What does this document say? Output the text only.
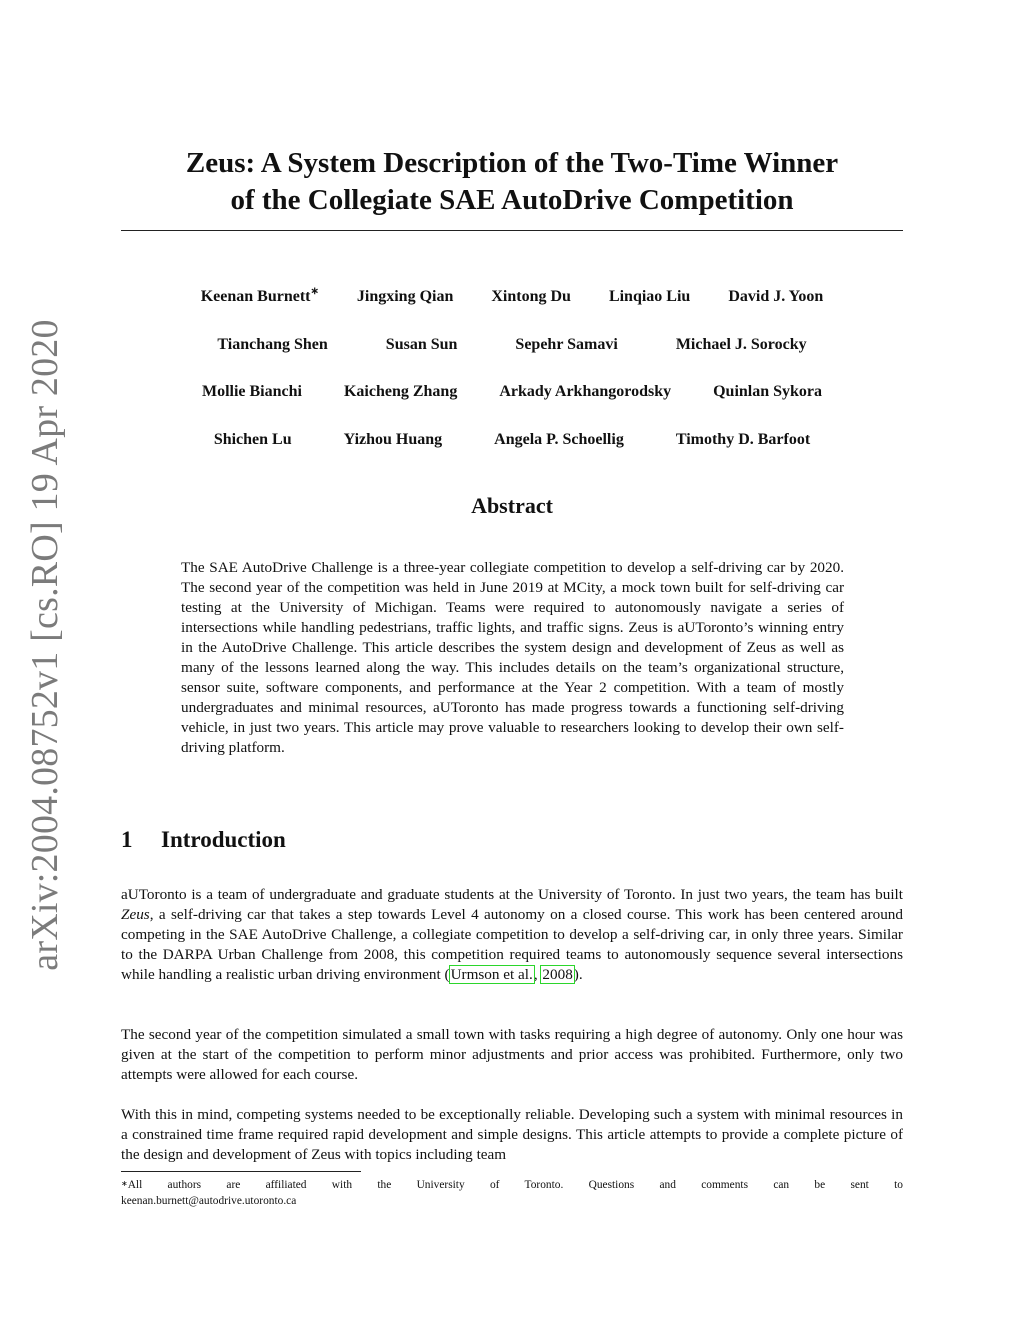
arXiv:2004.08752v1 [cs.RO] 19 Apr 2020
Zeus: A System Description of the Two-Time Winner
of the Collegiate SAE AutoDrive Competition
Keenan Burnett∗ Jingxing Qian Xintong Du Linqiao Liu David J. Yoon
Tianchang Shen	Susan Sun	Sepehr Samavi	Michael J. Sorocky
Mollie Bianchi	Kaicheng Zhang	Arkady Arkhangorodsky	Quinlan Sykora
Shichen Lu	Yizhou Huang	Angela P. Schoellig	Timothy D. Barfoot
Abstract
The SAE AutoDrive Challenge is a three-year collegiate competition to develop a self-driving car by 2020. The second year of the competition was held in June 2019 at MCity, a mock town built for self-driving car testing at the University of Michigan. Teams were required to autonomously navigate a series of intersections while handling pedestrians, traffic lights, and traffic signs. Zeus is aUToronto’s winning entry in the AutoDrive Challenge. This article describes the system design and development of Zeus as well as many of the lessons learned along the way. This includes details on the team’s organizational structure, sensor suite, software components, and performance at the Year 2 competition. With a team of mostly undergraduates and minimal resources, aUToronto has made progress towards a functioning self-driving vehicle, in just two years. This article may prove valuable to researchers looking to develop their own self-driving platform.
1 Introduction
aUToronto is a team of undergraduate and graduate students at the University of Toronto. In just two years, the team has built Zeus, a self-driving car that takes a step towards Level 4 autonomy on a closed course. This work has been centered around competing in the SAE AutoDrive Challenge, a collegiate competition to develop a self-driving car, in only three years. Similar to the DARPA Urban Challenge from 2008, this competition required teams to autonomously sequence several intersections while handling a realistic urban driving environment (Urmson et al., 2008).
The second year of the competition simulated a small town with tasks requiring a high degree of autonomy. Only one hour was given at the start of the competition to perform minor adjustments and prior access was prohibited. Furthermore, only two attempts were allowed for each course.
With this in mind, competing systems needed to be exceptionally reliable. Developing such a system with minimal resources in a constrained time frame required rapid development and simple designs. This article attempts to provide a complete picture of the design and development of Zeus with topics including team
∗All authors are affiliated with the University of Toronto. Questions and comments can be sent to
keenan.burnett@autodrive.utoronto.ca
